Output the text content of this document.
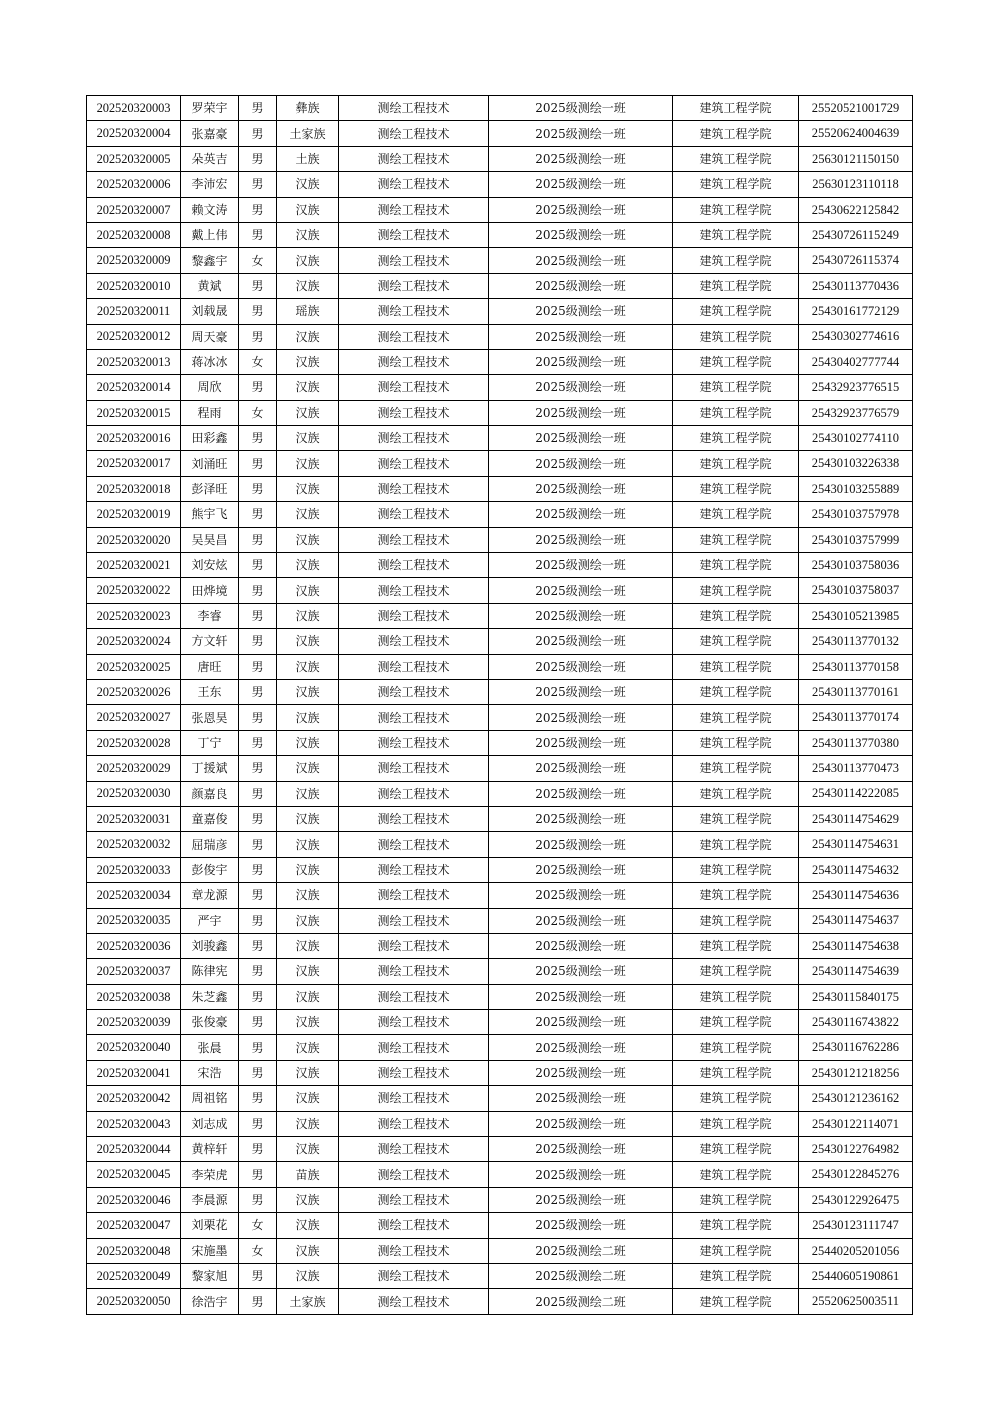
202520320003	罗荣宇	男	彝族	测绘工程技术	2025级测绘一班	建筑工程学院	25520521001729
202520320004	张嘉豪	男	土家族	测绘工程技术	2025级测绘一班	建筑工程学院	25520624004639
202520320005	朵英吉	男	土族	测绘工程技术	2025级测绘一班	建筑工程学院	25630121150150
202520320006	李沛宏	男	汉族	测绘工程技术	2025级测绘一班	建筑工程学院	25630123110118
202520320007	赖文涛	男	汉族	测绘工程技术	2025级测绘一班	建筑工程学院	25430622125842
202520320008	戴上伟	男	汉族	测绘工程技术	2025级测绘一班	建筑工程学院	25430726115249
202520320009	黎鑫宇	女	汉族	测绘工程技术	2025级测绘一班	建筑工程学院	25430726115374
202520320010	黄斌	男	汉族	测绘工程技术	2025级测绘一班	建筑工程学院	25430113770436
202520320011	刘载晟	男	瑶族	测绘工程技术	2025级测绘一班	建筑工程学院	25430161772129
202520320012	周天豪	男	汉族	测绘工程技术	2025级测绘一班	建筑工程学院	25430302774616
202520320013	蒋冰冰	女	汉族	测绘工程技术	2025级测绘一班	建筑工程学院	25430402777744
202520320014	周欣	男	汉族	测绘工程技术	2025级测绘一班	建筑工程学院	25432923776515
202520320015	程雨	女	汉族	测绘工程技术	2025级测绘一班	建筑工程学院	25432923776579
202520320016	田彩鑫	男	汉族	测绘工程技术	2025级测绘一班	建筑工程学院	25430102774110
202520320017	刘涌旺	男	汉族	测绘工程技术	2025级测绘一班	建筑工程学院	25430103226338
202520320018	彭泽旺	男	汉族	测绘工程技术	2025级测绘一班	建筑工程学院	25430103255889
202520320019	熊宇飞	男	汉族	测绘工程技术	2025级测绘一班	建筑工程学院	25430103757978
202520320020	吴昊昌	男	汉族	测绘工程技术	2025级测绘一班	建筑工程学院	25430103757999
202520320021	刘安炫	男	汉族	测绘工程技术	2025级测绘一班	建筑工程学院	25430103758036
202520320022	田烨境	男	汉族	测绘工程技术	2025级测绘一班	建筑工程学院	25430103758037
202520320023	李睿	男	汉族	测绘工程技术	2025级测绘一班	建筑工程学院	25430105213985
202520320024	方文轩	男	汉族	测绘工程技术	2025级测绘一班	建筑工程学院	25430113770132
202520320025	唐旺	男	汉族	测绘工程技术	2025级测绘一班	建筑工程学院	25430113770158
202520320026	王东	男	汉族	测绘工程技术	2025级测绘一班	建筑工程学院	25430113770161
202520320027	张恩昊	男	汉族	测绘工程技术	2025级测绘一班	建筑工程学院	25430113770174
202520320028	丁宁	男	汉族	测绘工程技术	2025级测绘一班	建筑工程学院	25430113770380
202520320029	丁援斌	男	汉族	测绘工程技术	2025级测绘一班	建筑工程学院	25430113770473
202520320030	颜嘉良	男	汉族	测绘工程技术	2025级测绘一班	建筑工程学院	25430114222085
202520320031	童嘉俊	男	汉族	测绘工程技术	2025级测绘一班	建筑工程学院	25430114754629
202520320032	屈瑞彦	男	汉族	测绘工程技术	2025级测绘一班	建筑工程学院	25430114754631
202520320033	彭俊宇	男	汉族	测绘工程技术	2025级测绘一班	建筑工程学院	25430114754632
202520320034	章龙源	男	汉族	测绘工程技术	2025级测绘一班	建筑工程学院	25430114754636
202520320035	严宇	男	汉族	测绘工程技术	2025级测绘一班	建筑工程学院	25430114754637
202520320036	刘骏鑫	男	汉族	测绘工程技术	2025级测绘一班	建筑工程学院	25430114754638
202520320037	陈律宪	男	汉族	测绘工程技术	2025级测绘一班	建筑工程学院	25430114754639
202520320038	朱芝鑫	男	汉族	测绘工程技术	2025级测绘一班	建筑工程学院	25430115840175
202520320039	张俊豪	男	汉族	测绘工程技术	2025级测绘一班	建筑工程学院	25430116743822
202520320040	张晨	男	汉族	测绘工程技术	2025级测绘一班	建筑工程学院	25430116762286
202520320041	宋浩	男	汉族	测绘工程技术	2025级测绘一班	建筑工程学院	25430121218256
202520320042	周祖铭	男	汉族	测绘工程技术	2025级测绘一班	建筑工程学院	25430121236162
202520320043	刘志成	男	汉族	测绘工程技术	2025级测绘一班	建筑工程学院	25430122114071
202520320044	黄梓轩	男	汉族	测绘工程技术	2025级测绘一班	建筑工程学院	25430122764982
202520320045	李荣虎	男	苗族	测绘工程技术	2025级测绘一班	建筑工程学院	25430122845276
202520320046	李晨源	男	汉族	测绘工程技术	2025级测绘一班	建筑工程学院	25430122926475
202520320047	刘栗花	女	汉族	测绘工程技术	2025级测绘一班	建筑工程学院	25430123111747
202520320048	宋施墨	女	汉族	测绘工程技术	2025级测绘二班	建筑工程学院	25440205201056
202520320049	黎家旭	男	汉族	测绘工程技术	2025级测绘二班	建筑工程学院	25440605190861
202520320050	徐浩宇	男	土家族	测绘工程技术	2025级测绘二班	建筑工程学院	25520625003511
